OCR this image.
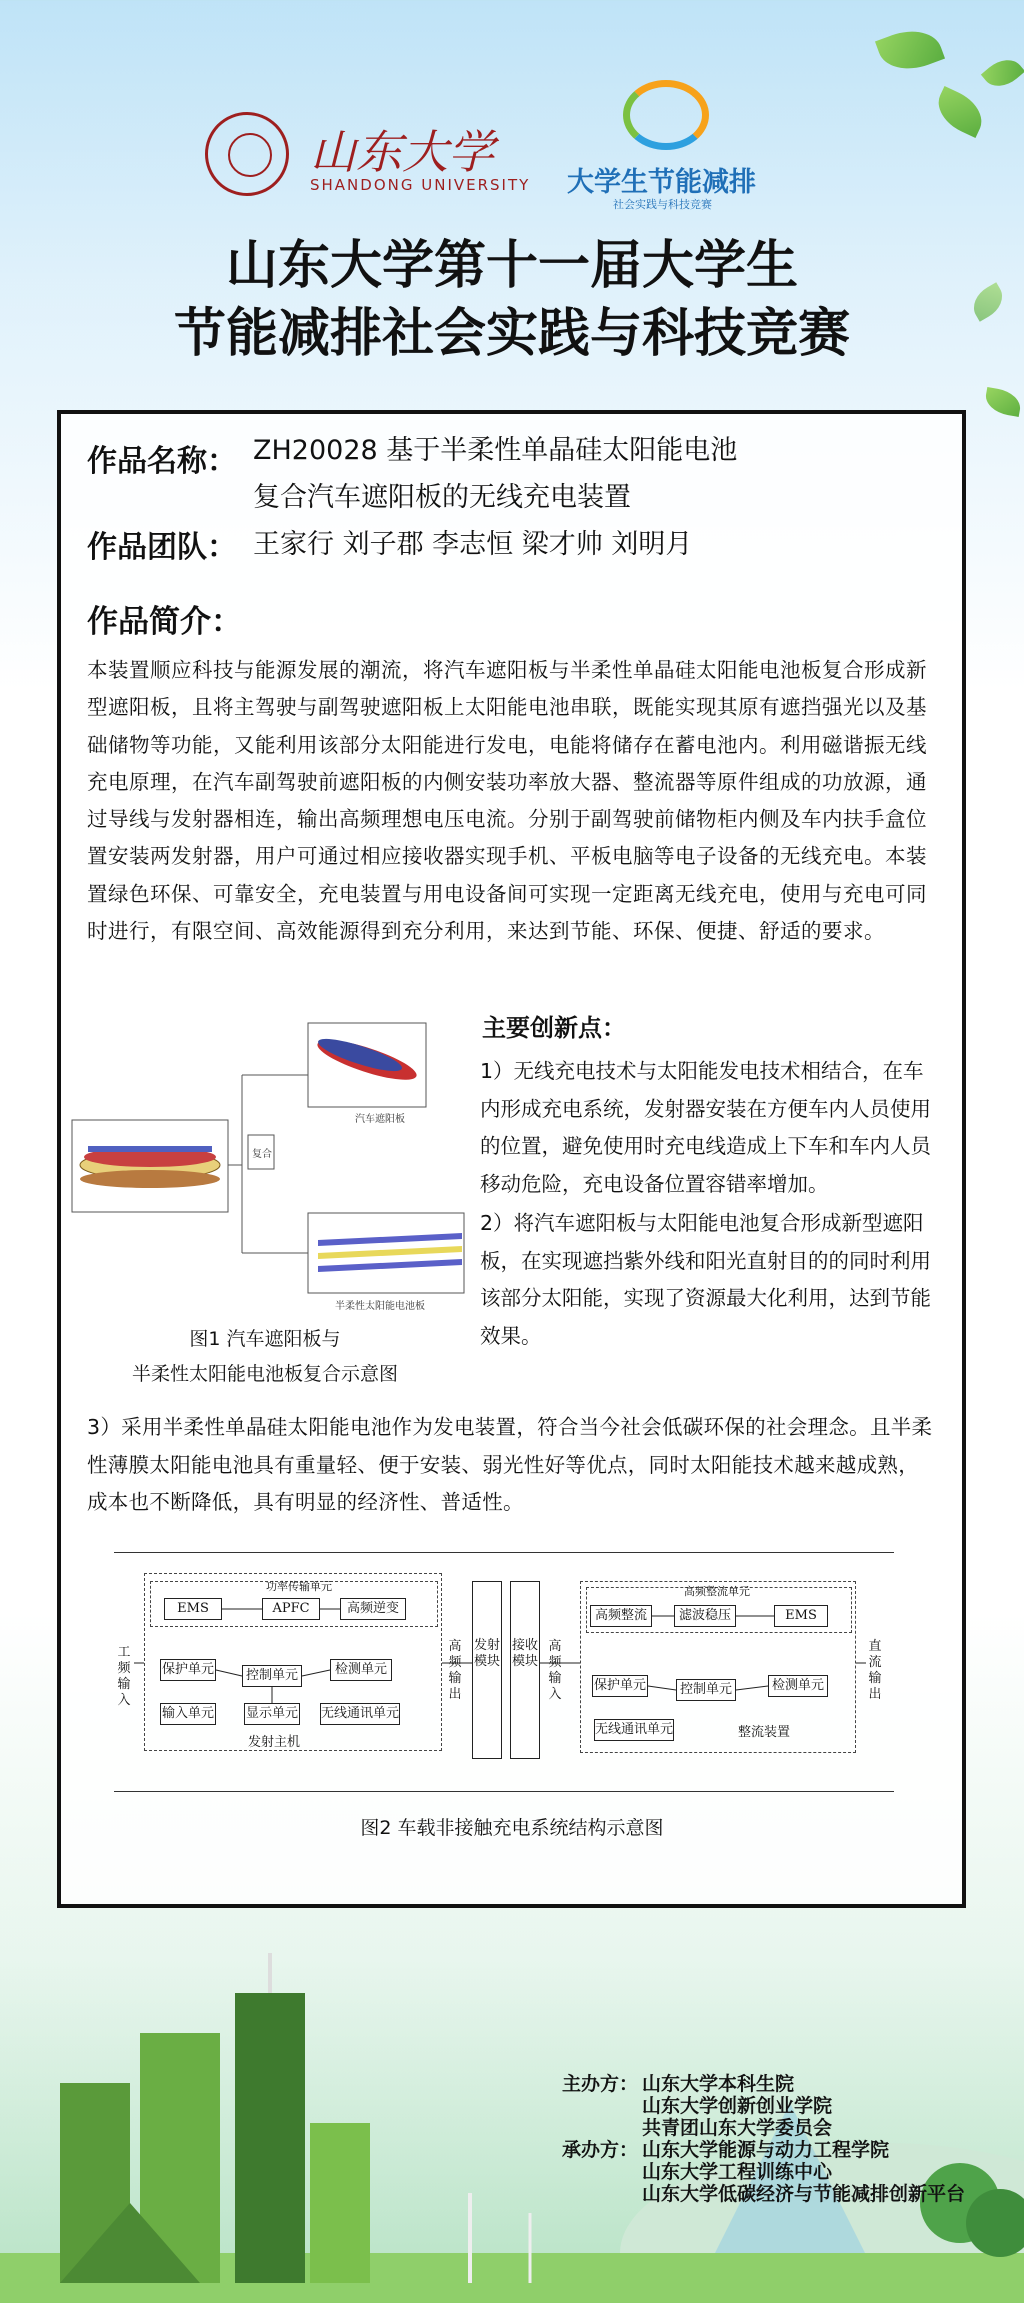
山东大学
SHANDONG UNIVERSITY 大学生节能减排
社会实践与科技竞赛
山东大学第十一届大学生
节能减排社会实践与科技竞赛
作品名称： ZH20028 基于半柔性单晶硅太阳能电池
复合汽车遮阳板的无线充电装置
作品团队： 王家行 刘子郡 李志恒 梁才帅 刘明月
作品简介：
本装置顺应科技与能源发展的潮流，将汽车遮阳板与半柔性单晶硅太阳能电池板复合形成新型遮阳板，且将主驾驶与副驾驶遮阳板上太阳能电池串联，既能实现其原有遮挡强光以及基础储物等功能，又能利用该部分太阳能进行发电，电能将储存在蓄电池内。利用磁谐振无线充电原理，在汽车副驾驶前遮阳板的内侧安装功率放大器、整流器等原件组成的功放源，通过导线与发射器相连，输出高频理想电压电流。分别于副驾驶前储物柜内侧及车内扶手盒位置安装两发射器，用户可通过相应接收器实现手机、平板电脑等电子设备的无线充电。本装置绿色环保、可靠安全，充电装置与用电设备间可实现一定距离无线充电，使用与充电可同时进行，有限空间、高效能源得到充分利用，来达到节能、环保、便捷、舒适的要求。
汽车遮阳板
复合
半柔性太阳能电池板
图1 汽车遮阳板与
半柔性太阳能电池板复合示意图
主要创新点：

1）无线充电技术与太阳能发电技术相结合，在车内形成充电系统，发射器安装在方便车内人员使用的位置，避免使用时充电线造成上下车和车内人员移动危险，充电设备位置容错率增加。

2）将汽车遮阳板与太阳能电池复合形成新型遮阳板，在实现遮挡紫外线和阳光直射目的的同时利用该部分太阳能，实现了资源最大化利用，达到节能效果。

3）采用半柔性单晶硅太阳能电池作为发电装置，符合当今社会低碳环保的社会理念。且半柔性薄膜太阳能电池具有重量轻、便于安装、弱光性好等优点，同时太阳能技术越来越成熟，成本也不断降低，具有明显的经济性、普适性。
工频输入
功率传输单元
EMS	APFC	高频逆变
保护单元	控制单元	检测单元
输入单元 显示单元 无线通讯单元
发射主机
高频输出
发射模块
接收模块
高频输入
高频整流单元
高频整流	滤波稳压	EMS
保护单元	控制单元	检测单元
无线通讯单元	整流装置
直流输出
图2 车载非接触充电系统结构示意图
主办方： 山东大学本科生院
山东大学创新创业学院
共青团山东大学委员会
承办方： 山东大学能源与动力工程学院
山东大学工程训练中心
山东大学低碳经济与节能减排创新平台
